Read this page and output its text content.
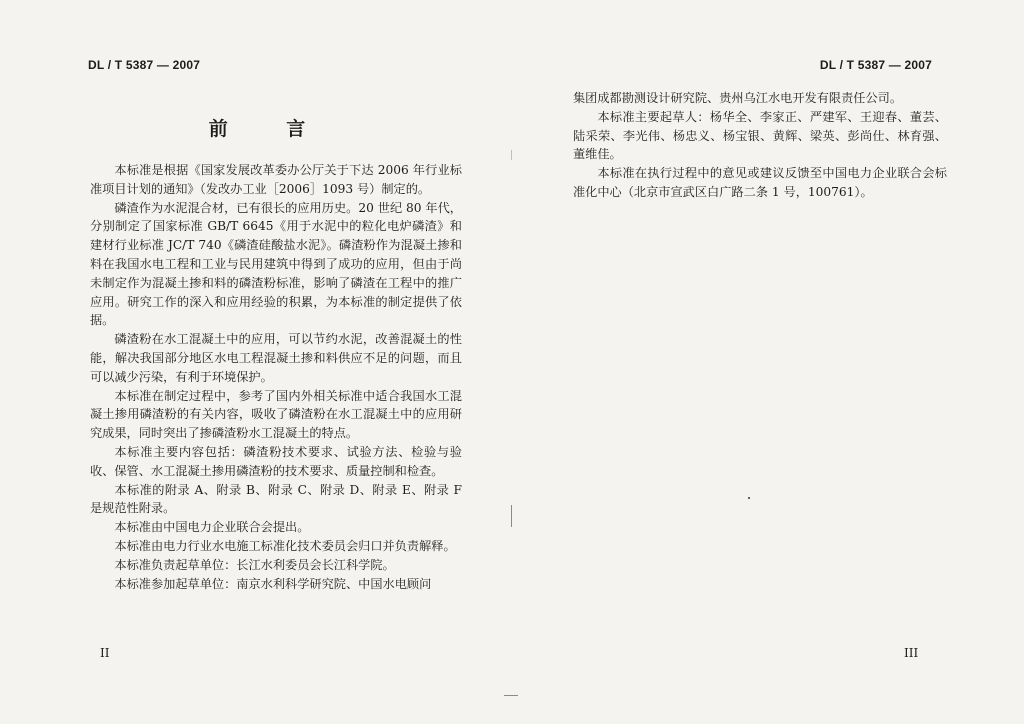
DL / T 5387 — 2007
前 言

本标准是根据《国家发展改革委办公厅关于下达 2006 年行业标准项目计划的通知》（发改办工业［2006］1093 号）制定的。

磷渣作为水泥混合材，已有很长的应用历史。20 世纪 80 年代，分别制定了国家标准 GB/T 6645《用于水泥中的粒化电炉磷渣》和建材行业标准 JC/T 740《磷渣硅酸盐水泥》。磷渣粉作为混凝土掺和料在我国水电工程和工业与民用建筑中得到了成功的应用，但由于尚未制定作为混凝土掺和料的磷渣粉标准，影响了磷渣在工程中的推广应用。研究工作的深入和应用经验的积累，为本标准的制定提供了依据。

磷渣粉在水工混凝土中的应用，可以节约水泥，改善混凝土的性能，解决我国部分地区水电工程混凝土掺和料供应不足的问题，而且可以减少污染，有利于环境保护。

本标准在制定过程中，参考了国内外相关标准中适合我国水工混凝土掺用磷渣粉的有关内容，吸收了磷渣粉在水工混凝土中的应用研究成果，同时突出了掺磷渣粉水工混凝土的特点。

本标准主要内容包括：磷渣粉技术要求、试验方法、检验与验收、保管、水工混凝土掺用磷渣粉的技术要求、质量控制和检查。

本标准的附录 A、附录 B、附录 C、附录 D、附录 E、附录 F 是规范性附录。

本标准由中国电力企业联合会提出。

本标准由电力行业水电施工标准化技术委员会归口并负责解释。

本标准负责起草单位：长江水利委员会长江科学院。

本标准参加起草单位：南京水利科学研究院、中国水电顾问

II
DL / T 5387 — 2007

集团成都勘测设计研究院、贵州乌江水电开发有限责任公司。

本标准主要起草人：杨华全、李家正、严建军、王迎春、董芸、陆采荣、李光伟、杨忠义、杨宝银、黄辉、梁英、彭尚仕、林育强、董维佳。

本标准在执行过程中的意见或建议反馈至中国电力企业联合会标准化中心（北京市宣武区白广路二条 1 号，100761）。

III
